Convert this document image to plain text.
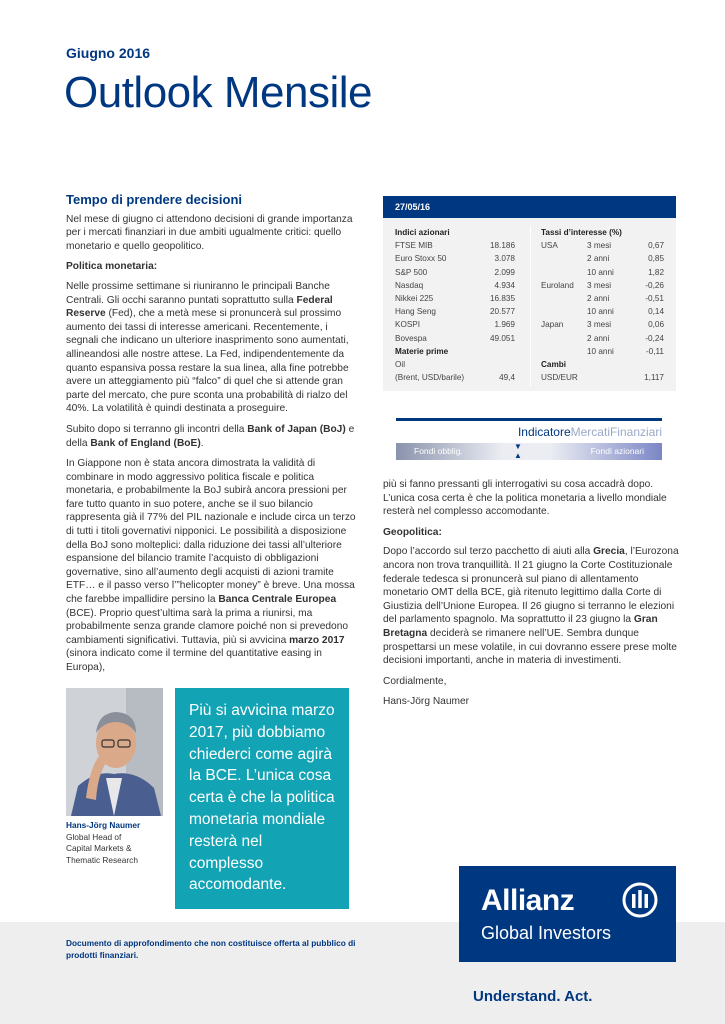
Giugno 2016
Outlook Mensile
Tempo di prendere decisioni

Nel mese di giugno ci attendono decisioni di grande importanza per i mercati finanziari in due ambiti ugualmente critici: quello monetario e quello geopolitico.

Politica monetaria:

Nelle prossime settimane si riuniranno le principali Banche Centrali. Gli occhi saranno puntati soprattutto sulla Federal Reserve (Fed), che a metà mese si pronuncerà sul prossimo aumento dei tassi di interesse americani. Recentemente, i segnali che indicano un ulteriore inasprimento sono aumentati, allineandosi alle nostre attese. La Fed, indipendentemente da quanto espansiva possa restare la sua linea, alla fine potrebbe avere un atteggiamento più “falco” di quel che si attende gran parte del mercato, che pure sconta una probabilità di rialzo del 40%. La volatilità è quindi destinata a proseguire.

Subito dopo si terranno gli incontri della Bank of Japan (BoJ) e della Bank of England (BoE).

In Giappone non è stata ancora dimostrata la validità di combinare in modo aggressivo politica fiscale e politica monetaria, e probabilmente la BoJ subirà ancora pressioni per fare tutto quanto in suo potere, anche se il suo bilancio rappresenta già il 77% del PIL nazionale e include circa un terzo di tutti i titoli governativi nipponici. Le possibilità a disposizione della BoJ sono molteplici: dalla riduzione dei tassi all’ulteriore espansione del bilancio tramite l’acquisto di obbligazioni governative, sino all’aumento degli acquisti di azioni tramite ETF… e il passo verso l’”helicopter money” è breve. Una mossa che farebbe impallidire persino la Banca Centrale Europea (BCE). Proprio quest’ultima sarà la prima a riunirsi, ma probabilmente senza grande clamore poiché non si prevedono cambiamenti significativi. Tuttavia, più si avvicina marzo 2017 (sinora indicato come il termine del quantitative easing in Europa),

27/05/16
Indici azionari
FTSE MIB	18.186
Euro Stoxx 50	3.078
S&P 500	2.099
Nasdaq	4.934
Nikkei 225	16.835
Hang Seng	20.577
KOSPI	1.969
Bovespa	49.051
Materie prime
Oil
(Brent, USD/barile)	49,4
Tassi d’interesse (%)
USA	3 mesi	0,67
2 anni	0,85
10 anni	1,82
Euroland	3 mesi	-0,26
2 anni	-0,51
10 anni	0,14
Japan	3 mesi	0,06
2 anni	-0,24
10 anni	-0,11
Cambi
USD/EUR	1,117
IndicatoreMercatiFinanziari
Fondi obblig.	▼
▲	Fondi azionari

più si fanno pressanti gli interrogativi su cosa accadrà dopo. L’unica cosa certa è che la politica monetaria a livello mondiale resterà nel complesso accomodante.

Geopolitica:

Dopo l’accordo sul terzo pacchetto di aiuti alla Grecia, l’Eurozona ancora non trova tranquillità. Il 21 giugno la Corte Costituzionale federale tedesca si pronuncerà sul piano di allentamento monetario OMT della BCE, già ritenuto legittimo dalla Corte di Giustizia dell’Unione Europea. Il 26 giugno si terranno le elezioni del parlamento spagnolo. Ma soprattutto il 23 giugno la Gran Bretagna deciderà se rimanere nell’UE. Sembra dunque prospettarsi un mese volatile, in cui dovranno essere prese molte decisioni importanti, anche in materia di investimenti.

Cordialmente,

Hans-Jörg Naumer

Hans-Jörg Naumer
Global Head of
Capital Markets &
Thematic Research
Più si avvicina marzo 2017, più dobbiamo chiederci come agirà la BCE. L’unica cosa certa è che la politica monetaria mondiale resterà nel complesso accomodante.
Documento di approfondimento che non costituisce offerta al pubblico di prodotti finanziari.
Allianz
Global Investors
Understand. Act.
